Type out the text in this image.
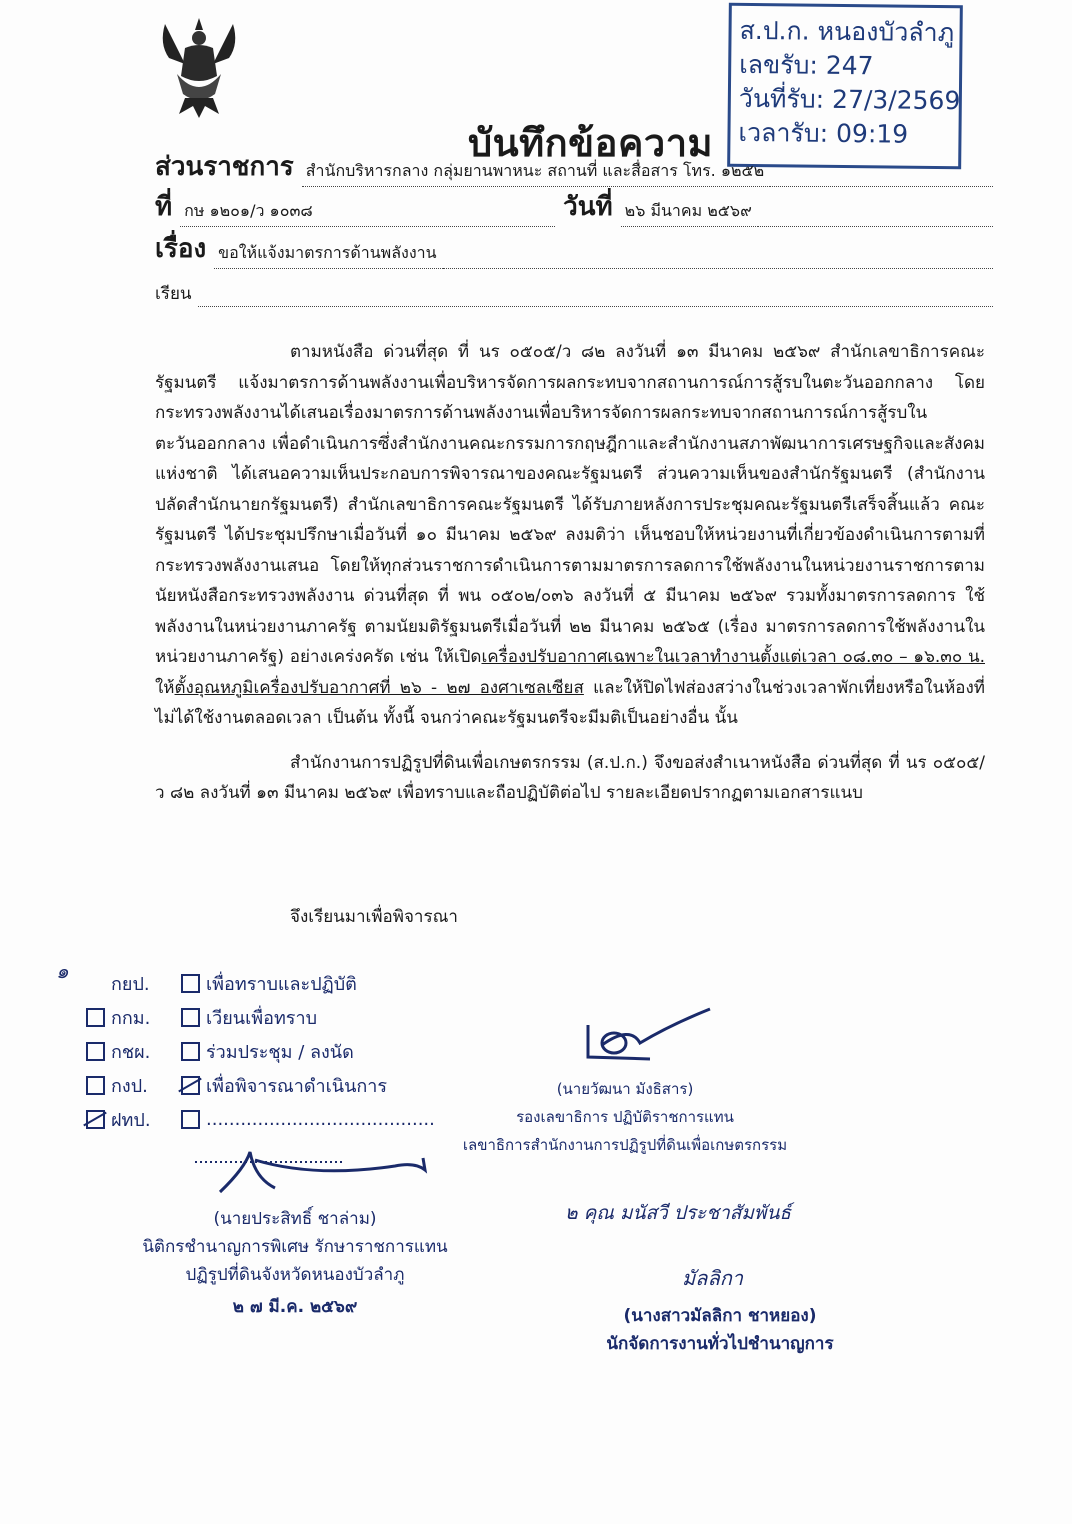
บันทึกข้อความ
ส.ป.ก. หนองบัวลำภู
เลขรับ: 247
วันที่รับ: 27/3/2569
เวลารับ: 09:19
ส่วนราชการ สำนักบริหารกลาง กลุ่มยานพาหนะ สถานที่ และสื่อสาร โทร. ๑๒๕๒
ที่ กษ ๑๒๐๑/ว ๑๐๓๘	วันที่ ๒๖ มีนาคม ๒๕๖๙
เรื่อง ขอให้แจ้งมาตรการด้านพลังงาน
เรียน

ตามหนังสือ ด่วนที่สุด ที่ นร ๐๕๐๕/ว ๘๒ ลงวันที่ ๑๓ มีนาคม ๒๕๖๙ สำนักเลขาธิการคณะรัฐมนตรี แจ้งมาตรการด้านพลังงานเพื่อบริหารจัดการผลกระทบจากสถานการณ์การสู้รบในตะวันออกกลาง โดยกระทรวงพลังงานได้เสนอเรื่องมาตรการด้านพลังงานเพื่อบริหารจัดการผลกระทบจากสถานการณ์การสู้รบในตะวันออกกลาง เพื่อดำเนินการซึ่งสำนักงานคณะกรรมการกฤษฎีกาและสำนักงานสภาพัฒนาการเศรษฐกิจและสังคมแห่งชาติ ได้เสนอความเห็นประกอบการพิจารณาของคณะรัฐมนตรี ส่วนความเห็นของสำนักรัฐมนตรี (สำนักงานปลัดสำนักนายกรัฐมนตรี) สำนักเลขาธิการคณะรัฐมนตรี ได้รับภายหลังการประชุมคณะรัฐมนตรีเสร็จสิ้นแล้ว คณะรัฐมนตรี ได้ประชุมปรึกษาเมื่อวันที่ ๑๐ มีนาคม ๒๕๖๙ ลงมติว่า เห็นชอบให้หน่วยงานที่เกี่ยวข้องดำเนินการตามที่กระทรวงพลังงานเสนอ โดยให้ทุกส่วนราชการดำเนินการตามมาตรการลดการใช้พลังงานในหน่วยงานราชการตามนัยหนังสือกระทรวงพลังงาน ด่วนที่สุด ที่ พน ๐๕๐๒/๐๓๖ ลงวันที่ ๕ มีนาคม ๒๕๖๙ รวมทั้งมาตรการลดการ ใช้พลังงานในหน่วยงานภาครัฐ ตามนัยมติรัฐมนตรีเมื่อวันที่ ๒๒ มีนาคม ๒๕๖๕ (เรื่อง มาตรการลดการใช้พลังงานในหน่วยงานภาครัฐ) อย่างเคร่งครัด เช่น ให้เปิดเครื่องปรับอากาศเฉพาะในเวลาทำงานตั้งแต่เวลา ๐๘.๓๐ – ๑๖.๓๐ น. ให้ตั้งอุณหภูมิเครื่องปรับอากาศที่ ๒๖ - ๒๗ องศาเซลเซียส และให้ปิดไฟส่องสว่างในช่วงเวลาพักเที่ยงหรือในห้องที่ไม่ได้ใช้งานตลอดเวลา เป็นต้น ทั้งนี้ จนกว่าคณะรัฐมนตรีจะมีมติเป็นอย่างอื่น นั้น

สำนักงานการปฏิรูปที่ดินเพื่อเกษตรกรรม (ส.ป.ก.) จึงขอส่งสำเนาหนังสือ ด่วนที่สุด ที่ นร ๐๕๐๕/ว ๘๒ ลงวันที่ ๑๓ มีนาคม ๒๕๖๙ เพื่อทราบและถือปฏิบัติต่อไป รายละเอียดปรากฏตามเอกสารแนบ

จึงเรียนมาเพื่อพิจารณา
๑
กยป.	เพื่อทราบและปฏิบัติ
กกม.	เวียนเพื่อทราบ
กชผ.	ร่วมประชุม / ลงนัด
กงป.	เพื่อพิจารณาดำเนินการ
ฝทป.	........................................
(นายวัฒนา มังธิสาร)
รองเลขาธิการ ปฏิบัติราชการแทน
เลขาธิการสำนักงานการปฏิรูปที่ดินเพื่อเกษตรกรรม
(นายประสิทธิ์ ชาล่าม)
นิติกรชำนาญการพิเศษ รักษาราชการแทน
ปฏิรูปที่ดินจังหวัดหนองบัวลำภู
๒ ๗ มี.ค. ๒๕๖๙
๒ คุณ มนัสวี ประชาสัมพันธ์
มัลลิกา
(นางสาวมัลลิกา ชาหยอง)
นักจัดการงานทั่วไปชำนาญการ
